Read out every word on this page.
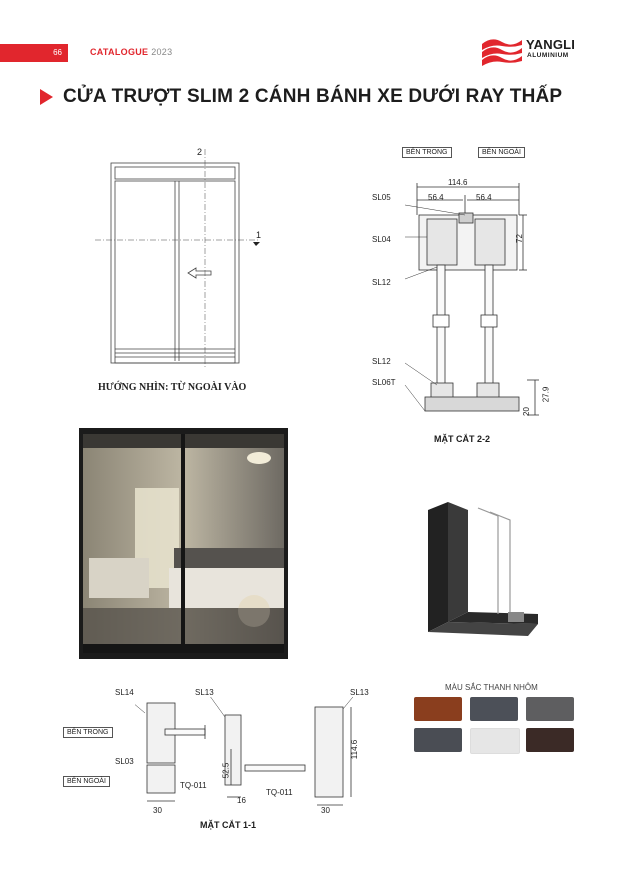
66	CATALOGUE 2023	YANGLI
ALUMINIUM
CỬA TRƯỢT SLIM 2 CÁNH BÁNH XE DƯỚI RAY THẤP
2
1
HƯỚNG NHÌN: TỪ NGOÀI VÀO
BÊN TRONG	BÊN NGOÀI
114.6
56.4	56.4
72
27.9
20
SL05
SL04
SL12
SL12
SL06T
MẶT CẮT 2-2
SL14	SL13	SL13
SL03
TQ-011
TQ-011
BÊN TRONG
BÊN NGOÀI
30
16
52.5
30
114.6
MẶT CẮT 1-1
MÀU SẮC THANH NHÔM
